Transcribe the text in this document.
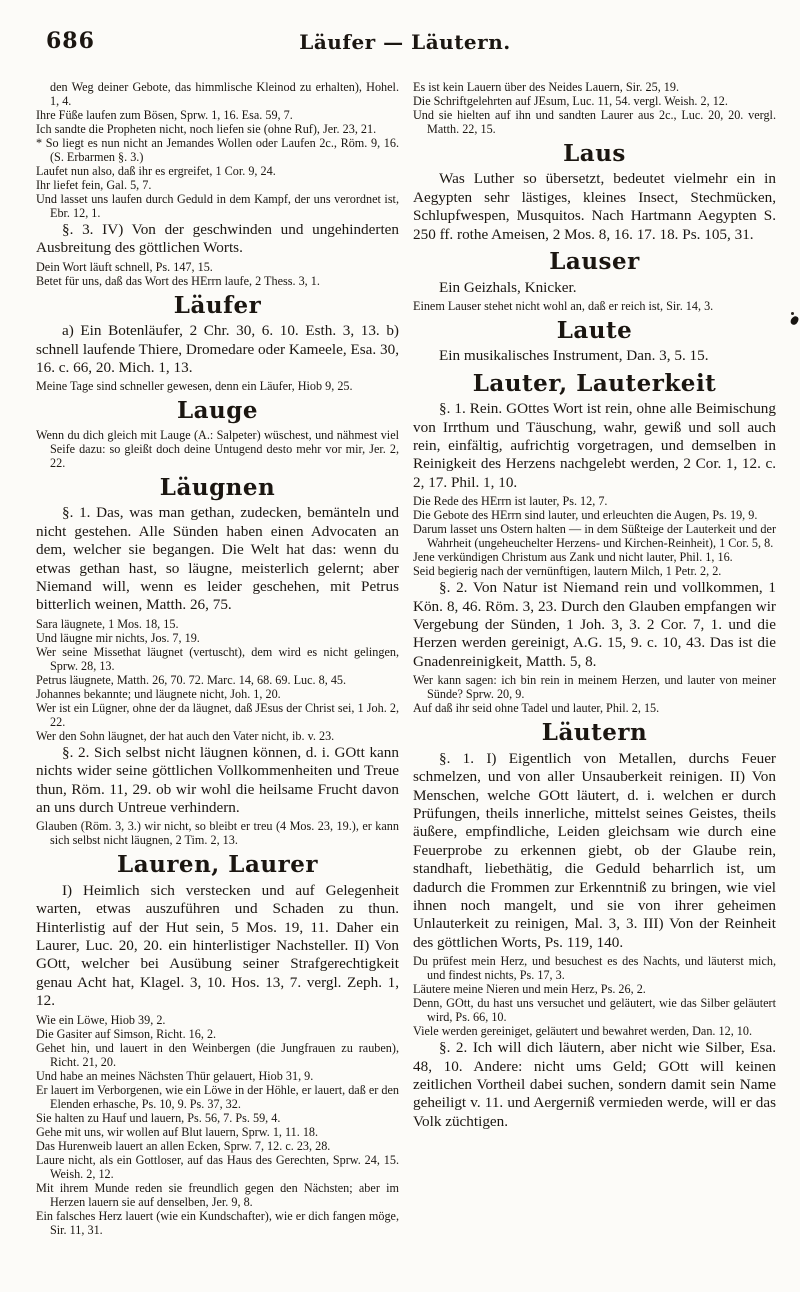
686	Läufer — Läutern.

den Weg deiner Gebote, das himmlische Kleinod zu erhalten), Hohel. 1, 4.

Ihre Füße laufen zum Bösen, Sprw. 1, 16. Esa. 59, 7.

Ich sandte die Propheten nicht, noch liefen sie (ohne Ruf), Jer. 23, 21.

* So liegt es nun nicht an Jemandes Wollen oder Laufen 2c., Röm. 9, 16. (S. Erbarmen §. 3.)

Laufet nun also, daß ihr es ergreifet, 1 Cor. 9, 24.

Ihr liefet fein, Gal. 5, 7.

Und lasset uns laufen durch Geduld in dem Kampf, der uns verordnet ist, Ebr. 12, 1.

§. 3. IV) Von der geschwinden und ungehinderten Ausbreitung des göttlichen Worts.

Dein Wort läuft schnell, Ps. 147, 15.

Betet für uns, daß das Wort des HErrn laufe, 2 Thess. 3, 1.

Läufer

a) Ein Botenläufer, 2 Chr. 30, 6. 10. Esth. 3, 13. b) schnell laufende Thiere, Dromedare oder Kameele, Esa. 30, 16. c. 66, 20. Mich. 1, 13.

Meine Tage sind schneller gewesen, denn ein Läufer, Hiob 9, 25.

Lauge

Wenn du dich gleich mit Lauge (A.: Salpeter) wüschest, und nähmest viel Seife dazu: so gleißt doch deine Untugend desto mehr vor mir, Jer. 2, 22.

Läugnen

§. 1. Das, was man gethan, zudecken, bemänteln und nicht gestehen. Alle Sünden haben einen Advocaten an dem, welcher sie begangen. Die Welt hat das: wenn du etwas gethan hast, so läugne, meisterlich gelernt; aber Niemand will, wenn es leider geschehen, mit Petrus bitterlich weinen, Matth. 26, 75.

Sara läugnete, 1 Mos. 18, 15.

Und läugne mir nichts, Jos. 7, 19.

Wer seine Missethat läugnet (vertuscht), dem wird es nicht gelingen, Sprw. 28, 13.

Petrus läugnete, Matth. 26, 70. 72. Marc. 14, 68. 69. Luc. 8, 45.

Johannes bekannte; und läugnete nicht, Joh. 1, 20.

Wer ist ein Lügner, ohne der da läugnet, daß JEsus der Christ sei, 1 Joh. 2, 22.

Wer den Sohn läugnet, der hat auch den Vater nicht, ib. v. 23.

§. 2. Sich selbst nicht läugnen können, d. i. GOtt kann nichts wider seine göttlichen Vollkommenheiten und Treue thun, Röm. 11, 29. ob wir wohl die heilsame Frucht davon an uns durch Untreue verhindern.

Glauben (Röm. 3, 3.) wir nicht, so bleibt er treu (4 Mos. 23, 19.), er kann sich selbst nicht läugnen, 2 Tim. 2, 13.

Lauren, Laurer

I) Heimlich sich verstecken und auf Gelegenheit warten, etwas auszuführen und Schaden zu thun. Hinterlistig auf der Hut sein, 5 Mos. 19, 11. Daher ein Laurer, Luc. 20, 20. ein hinterlistiger Nachsteller. II) Von GOtt, welcher bei Ausübung seiner Strafgerechtigkeit genau Acht hat, Klagel. 3, 10. Hos. 13, 7. vergl. Zeph. 1, 12.

Wie ein Löwe, Hiob 39, 2.

Die Gasiter auf Simson, Richt. 16, 2.

Gehet hin, und lauert in den Weinbergen (die Jungfrauen zu rauben), Richt. 21, 20.

Und habe an meines Nächsten Thür gelauert, Hiob 31, 9.

Er lauert im Verborgenen, wie ein Löwe in der Höhle, er lauert, daß er den Elenden erhasche, Ps. 10, 9. Ps. 37, 32.

Sie halten zu Hauf und lauern, Ps. 56, 7. Ps. 59, 4.

Gehe mit uns, wir wollen auf Blut lauern, Sprw. 1, 11. 18.

Das Hurenweib lauert an allen Ecken, Sprw. 7, 12. c. 23, 28.

Laure nicht, als ein Gottloser, auf das Haus des Gerechten, Sprw. 24, 15. Weish. 2, 12.

Mit ihrem Munde reden sie freundlich gegen den Nächsten; aber im Herzen lauern sie auf denselben, Jer. 9, 8.

Ein falsches Herz lauert (wie ein Kundschafter), wie er dich fangen möge, Sir. 11, 31.

Es ist kein Lauern über des Neides Lauern, Sir. 25, 19.

Die Schriftgelehrten auf JEsum, Luc. 11, 54. vergl. Weish. 2, 12.

Und sie hielten auf ihn und sandten Laurer aus 2c., Luc. 20, 20. vergl. Matth. 22, 15.

Laus

Was Luther so übersetzt, bedeutet vielmehr ein in Aegypten sehr lästiges, kleines Insect, Stechmücken, Schlupfwespen, Musquitos. Nach Hartmann Aegypten S. 250 ff. rothe Ameisen, 2 Mos. 8, 16. 17. 18. Ps. 105, 31.

Lauser

Ein Geizhals, Knicker.

Einem Lauser stehet nicht wohl an, daß er reich ist, Sir. 14, 3.

Laute

Ein musikalisches Instrument, Dan. 3, 5. 15.

Lauter, Lauterkeit

§. 1. Rein. GOttes Wort ist rein, ohne alle Beimischung von Irrthum und Täuschung, wahr, gewiß und soll auch rein, einfältig, aufrichtig vorgetragen, und demselben in Reinigkeit des Herzens nachgelebt werden, 2 Cor. 1, 12. c. 2, 17. Phil. 1, 10.

Die Rede des HErrn ist lauter, Ps. 12, 7.

Die Gebote des HErrn sind lauter, und erleuchten die Augen, Ps. 19, 9.

Darum lasset uns Ostern halten — in dem Süßteige der Lauterkeit und der Wahrheit (ungeheuchelter Herzens- und Kirchen-Reinheit), 1 Cor. 5, 8.

Jene verkündigen Christum aus Zank und nicht lauter, Phil. 1, 16.

Seid begierig nach der vernünftigen, lautern Milch, 1 Petr. 2, 2.

§. 2. Von Natur ist Niemand rein und vollkommen, 1 Kön. 8, 46. Röm. 3, 23. Durch den Glauben empfangen wir Vergebung der Sünden, 1 Joh. 3, 3. 2 Cor. 7, 1. und die Herzen werden gereinigt, A.G. 15, 9. c. 10, 43. Das ist die Gnadenreinigkeit, Matth. 5, 8.

Wer kann sagen: ich bin rein in meinem Herzen, und lauter von meiner Sünde? Sprw. 20, 9.

Auf daß ihr seid ohne Tadel und lauter, Phil. 2, 15.

Läutern

§. 1. I) Eigentlich von Metallen, durchs Feuer schmelzen, und von aller Unsauberkeit reinigen. II) Von Menschen, welche GOtt läutert, d. i. welchen er durch Prüfungen, theils innerliche, mittelst seines Geistes, theils äußere, empfindliche, Leiden gleichsam wie durch eine Feuerprobe zu erkennen giebt, ob der Glaube rein, standhaft, liebethätig, die Geduld beharrlich ist, um dadurch die Frommen zur Erkenntniß zu bringen, wie viel ihnen noch mangelt, und sie von ihrer geheimen Unlauterkeit zu reinigen, Mal. 3, 3. III) Von der Reinheit des göttlichen Worts, Ps. 119, 140.

Du prüfest mein Herz, und besuchest es des Nachts, und läuterst mich, und findest nichts, Ps. 17, 3.

Läutere meine Nieren und mein Herz, Ps. 26, 2.

Denn, GOtt, du hast uns versuchet und geläutert, wie das Silber geläutert wird, Ps. 66, 10.

Viele werden gereiniget, geläutert und bewahret werden, Dan. 12, 10.

§. 2. Ich will dich läutern, aber nicht wie Silber, Esa. 48, 10. Andere: nicht ums Geld; GOtt will keinen zeitlichen Vortheil dabei suchen, sondern damit sein Name geheiligt v. 11. und Aergerniß vermieden werde, will er das Volk züchtigen.
